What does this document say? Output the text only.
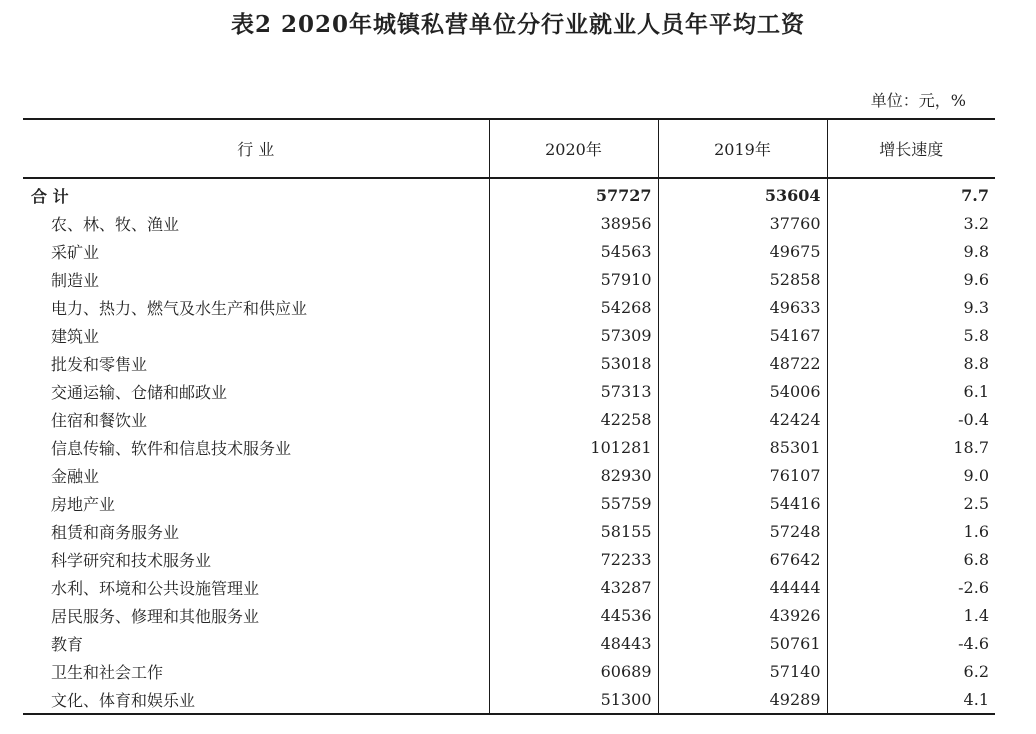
表2 2020年城镇私营单位分行业就业人员年平均工资
单位：元，%
行 业	2020年	2019年	增长速度
合 计	57727	53604	7.7
农、林、牧、渔业	38956	37760	3.2
采矿业	54563	49675	9.8
制造业	57910	52858	9.6
电力、热力、燃气及水生产和供应业	54268	49633	9.3
建筑业	57309	54167	5.8
批发和零售业	53018	48722	8.8
交通运输、仓储和邮政业	57313	54006	6.1
住宿和餐饮业	42258	42424	-0.4
信息传输、软件和信息技术服务业	101281	85301	18.7
金融业	82930	76107	9.0
房地产业	55759	54416	2.5
租赁和商务服务业	58155	57248	1.6
科学研究和技术服务业	72233	67642	6.8
水利、环境和公共设施管理业	43287	44444	-2.6
居民服务、修理和其他服务业	44536	43926	1.4
教育	48443	50761	-4.6
卫生和社会工作	60689	57140	6.2
文化、体育和娱乐业	51300	49289	4.1
